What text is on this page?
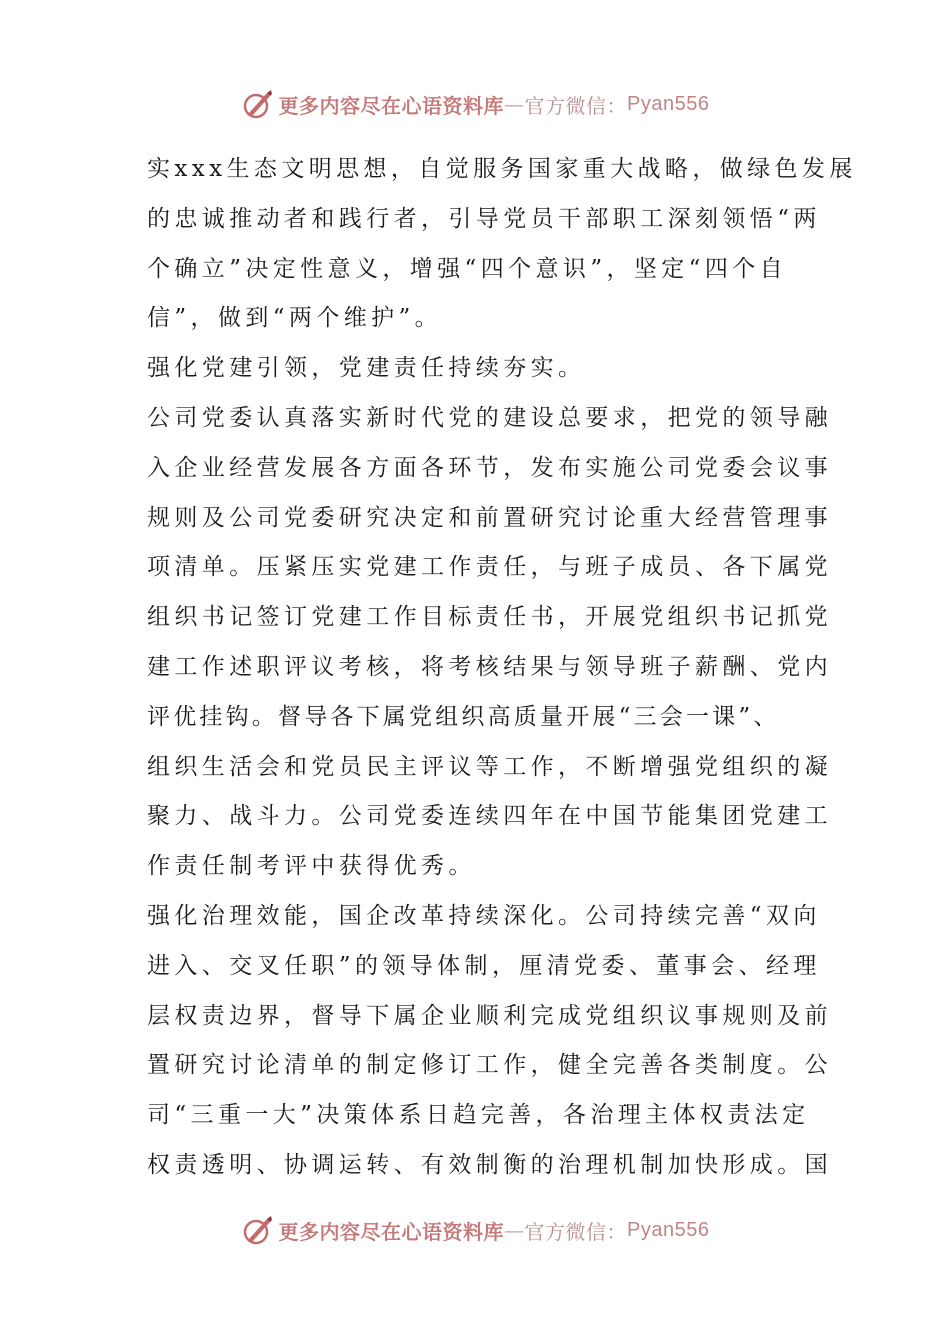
更多内容尽在心语资料库 — 官方微信： Pyan556
实xxx生态文明思想，自觉服务国家重大战略，做绿色发展
的忠诚推动者和践行者，引导党员干部职工深刻领悟“两
个确立”决定性意义，增强“四个意识”，坚定“四个自
信”，做到“两个维护”。
强化党建引领，党建责任持续夯实。
公司党委认真落实新时代党的建设总要求，把党的领导融
入企业经营发展各方面各环节，发布实施公司党委会议事
规则及公司党委研究决定和前置研究讨论重大经营管理事
项清单。压紧压实党建工作责任，与班子成员、各下属党
组织书记签订党建工作目标责任书，开展党组织书记抓党
建工作述职评议考核，将考核结果与领导班子薪酬、党内
评优挂钩。督导各下属党组织高质量开展“三会一课”、
组织生活会和党员民主评议等工作，不断增强党组织的凝
聚力、战斗力。公司党委连续四年在中国节能集团党建工
作责任制考评中获得优秀。
强化治理效能，国企改革持续深化。公司持续完善“双向
进入、交叉任职”的领导体制，厘清党委、董事会、经理
层权责边界，督导下属企业顺利完成党组织议事规则及前
置研究讨论清单的制定修订工作，健全完善各类制度。公
司“三重一大”决策体系日趋完善，各治理主体权责法定
权责透明、协调运转、有效制衡的治理机制加快形成。国
更多内容尽在心语资料库 — 官方微信： Pyan556
